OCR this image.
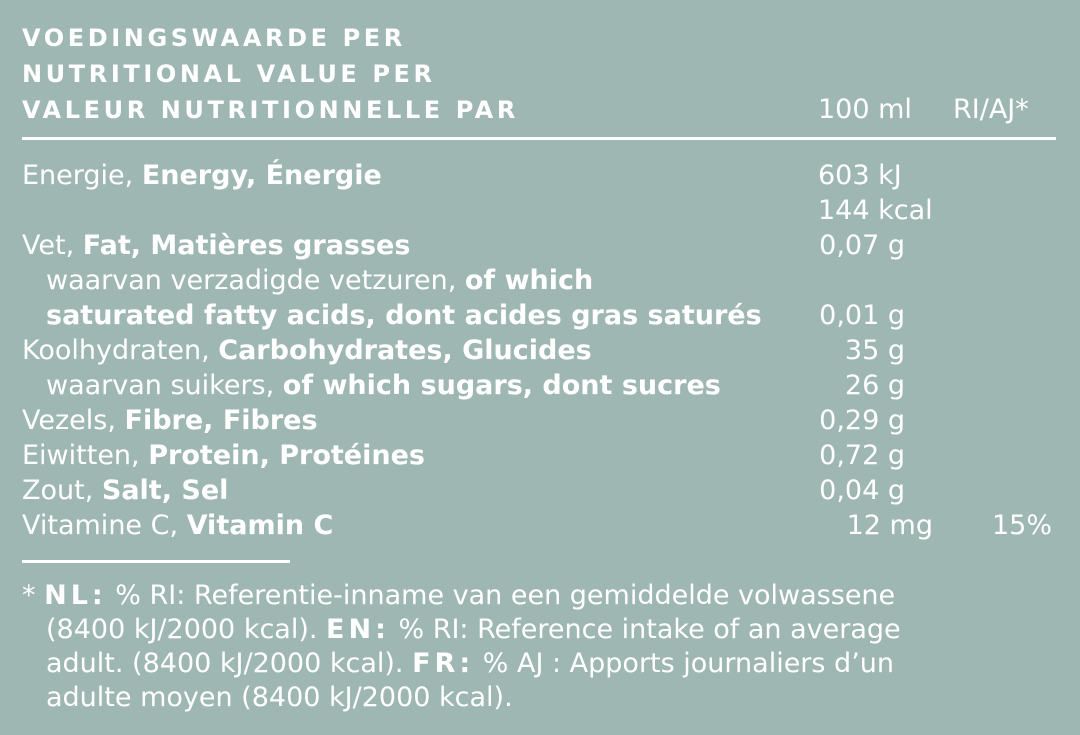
VOEDINGSWAARDE PER
NUTRITIONAL VALUE PER
VALEUR NUTRITIONNELLE PAR	100 ml RI/AJ*
Energie, Energy, Énergie	603 kJ
144 kcal
Vet, Fat, Matières grasses	0,07 g
waarvan verzadigde vetzuren, of which
saturated fatty acids, dont acides gras saturés	0,01 g
Koolhydraten, Carbohydrates, Glucides	35 g
waarvan suikers, of which sugars, dont sucres	26 g
Vezels, Fibre, Fibres	0,29 g
Eiwitten, Protein, Protéines	0,72 g
Zout, Salt, Sel	0,04 g
Vitamine C, Vitamin C	12 mg	15%
* NL: % RI: Referentie-inname van een gemiddelde volwassene
(8400 kJ/2000 kcal). EN: % RI: Reference intake of an average
adult. (8400 kJ/2000 kcal). FR: % AJ : Apports journaliers d’un
adulte moyen (8400 kJ/2000 kcal).
